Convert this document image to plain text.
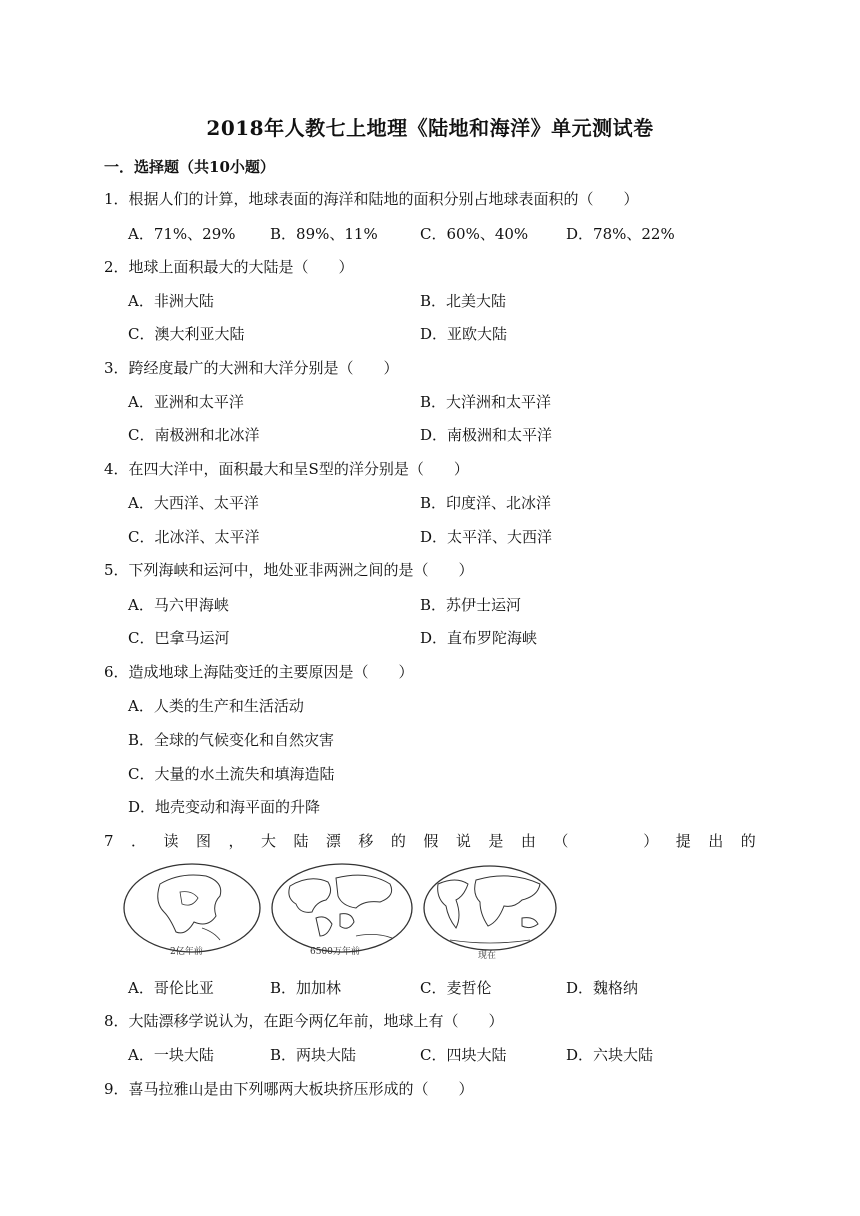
2018年人教七上地理《陆地和海洋》单元测试卷
一．选择题（共10小题）
1．根据人们的计算，地球表面的海洋和陆地的面积分别占地球表面积的（　　）
A．71%、29% B．89%、11%	C．60%、40%	D．78%、22%
2．地球上面积最大的大陆是（　　）
A．非洲大陆	B．北美大陆
C．澳大利亚大陆	D．亚欧大陆
3．跨经度最广的大洲和大洋分别是（　　）
A．亚洲和太平洋	B．大洋洲和太平洋
C．南极洲和北冰洋	D．南极洲和太平洋
4．在四大洋中，面积最大和呈S型的洋分别是（　　）
A．大西洋、太平洋	B．印度洋、北冰洋
C．北冰洋、太平洋	D．太平洋、大西洋
5．下列海峡和运河中，地处亚非两洲之间的是（　　）
A．马六甲海峡	B．苏伊士运河
C．巴拿马运河	D．直布罗陀海峡
6．造成地球上海陆变迁的主要原因是（　　）
A．人类的生产和生活活动
B．全球的气候变化和自然灾害
C．大量的水土流失和填海造陆
D．地壳变动和海平面的升降
7 ． 读 图 ， 大 陆 漂 移 的 假 说 是 由 （	） 提 出 的
2亿年前	6500万年前	现在
A．哥伦比亚	B．加加林	C．麦哲伦	D．魏格纳
8．大陆漂移学说认为，在距今两亿年前，地球上有（　　）
A．一块大陆	B．两块大陆	C．四块大陆	D．六块大陆
9．喜马拉雅山是由下列哪两大板块挤压形成的（　　）
